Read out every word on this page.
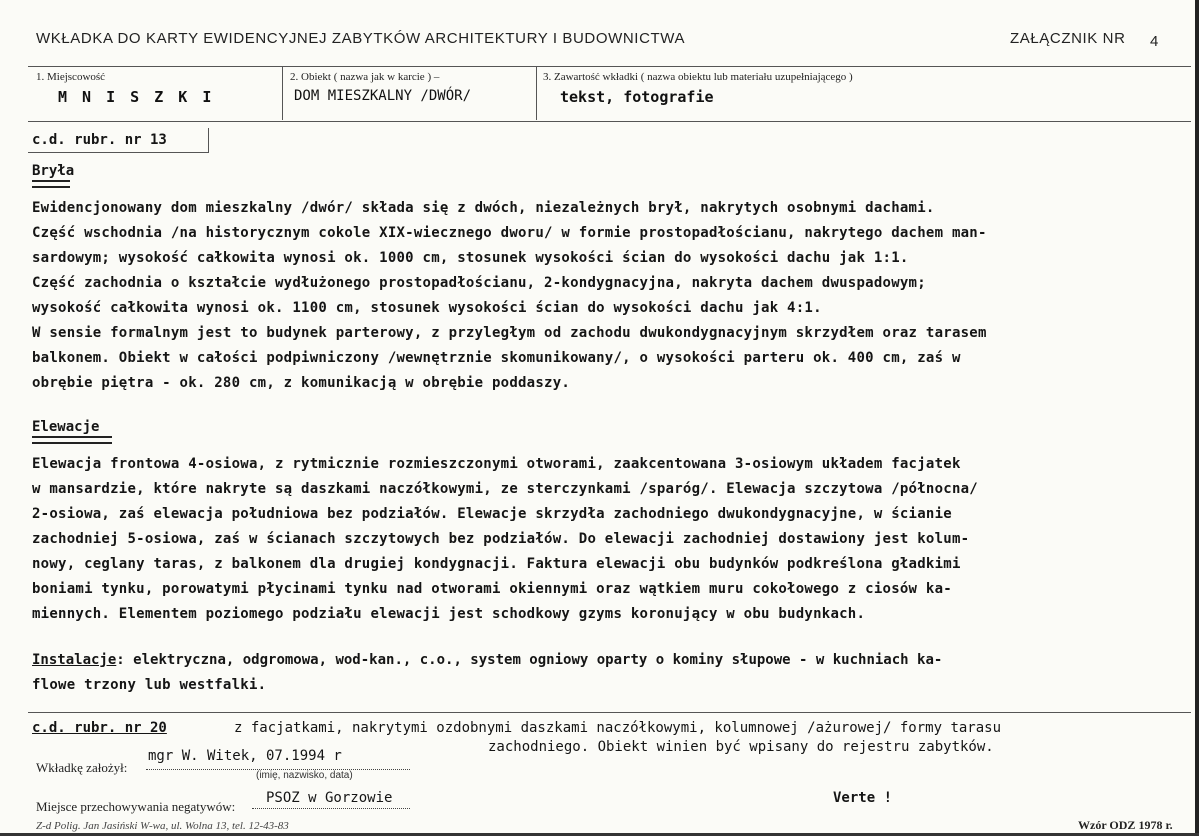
WKŁADKA DO KARTY EWIDENCYJNEJ ZABYTKÓW ARCHITEKTURY I BUDOWNICTWA	ZAŁĄCZNIK NR 4
1. Miejscowość
M N I S Z K I
2. Obiekt ( nazwa jak w karcie ) –
DOM MIESZKALNY /DWÓR/
3. Zawartość wkładki ( nazwa obiektu lub materiału uzupełniającego )
tekst, fotografie
c.d. rubr. nr 13
Bryła
Ewidencjonowany dom mieszkalny /dwór/ składa się z dwóch, niezależnych brył, nakrytych osobnymi dachami.
Część wschodnia /na historycznym cokole XIX-wiecznego dworu/ w formie prostopadłościanu, nakrytego dachem man-
sardowym; wysokość całkowita wynosi ok. 1000 cm, stosunek wysokości ścian do wysokości dachu jak 1:1.
Część zachodnia o kształcie wydłużonego prostopadłościanu, 2-kondygnacyjna, nakryta dachem dwuspadowym;
wysokość całkowita wynosi ok. 1100 cm, stosunek wysokości ścian do wysokości dachu jak 4:1.
W sensie formalnym jest to budynek parterowy, z przyległym od zachodu dwukondygnacyjnym skrzydłem oraz tarasem
balkonem. Obiekt w całości podpiwniczony /wewnętrznie skomunikowany/, o wysokości parteru ok. 400 cm, zaś w
obrębie piętra - ok. 280 cm, z komunikacją w obrębie poddaszy.
Elewacje
Elewacja frontowa 4-osiowa, z rytmicznie rozmieszczonymi otworami, zaakcentowana 3-osiowym układem facjatek
w mansardzie, które nakryte są daszkami naczółkowymi, ze sterczynkami /sparóg/. Elewacja szczytowa /północna/
2-osiowa, zaś elewacja południowa bez podziałów. Elewacje skrzydła zachodniego dwukondygnacyjne, w ścianie
zachodniej 5-osiowa, zaś w ścianach szczytowych bez podziałów. Do elewacji zachodniej dostawiony jest kolum-
nowy, ceglany taras, z balkonem dla drugiej kondygnacji. Faktura elewacji obu budynków podkreślona gładkimi
boniami tynku, porowatymi płycinami tynku nad otworami okiennymi oraz wątkiem muru cokołowego z ciosów ka-
miennych. Elementem poziomego podziału elewacji jest schodkowy gzyms koronujący w obu budynkach.
Instalacje: elektryczna, odgromowa, wod-kan., c.o., system ogniowy oparty o kominy słupowe - w kuchniach ka-
flowe trzony lub westfalki.
c.d. rubr. nr 20	z facjatkami, nakrytymi ozdobnymi daszkami naczółkowymi, kolumnowej /ażurowej/ formy tarasu
zachodniego. Obiekt winien być wpisany do rejestru zabytków.
Wkładkę założył:
mgr W. Witek, 07.1994 r
(imię, nazwisko, data)
Miejsce przechowywania negatywów:
PSOZ w Gorzowie	Verte !
Z-d Polig. Jan Jasiński W-wa, ul. Wolna 13, tel. 12-43-83	Wzór ODZ 1978 r.
